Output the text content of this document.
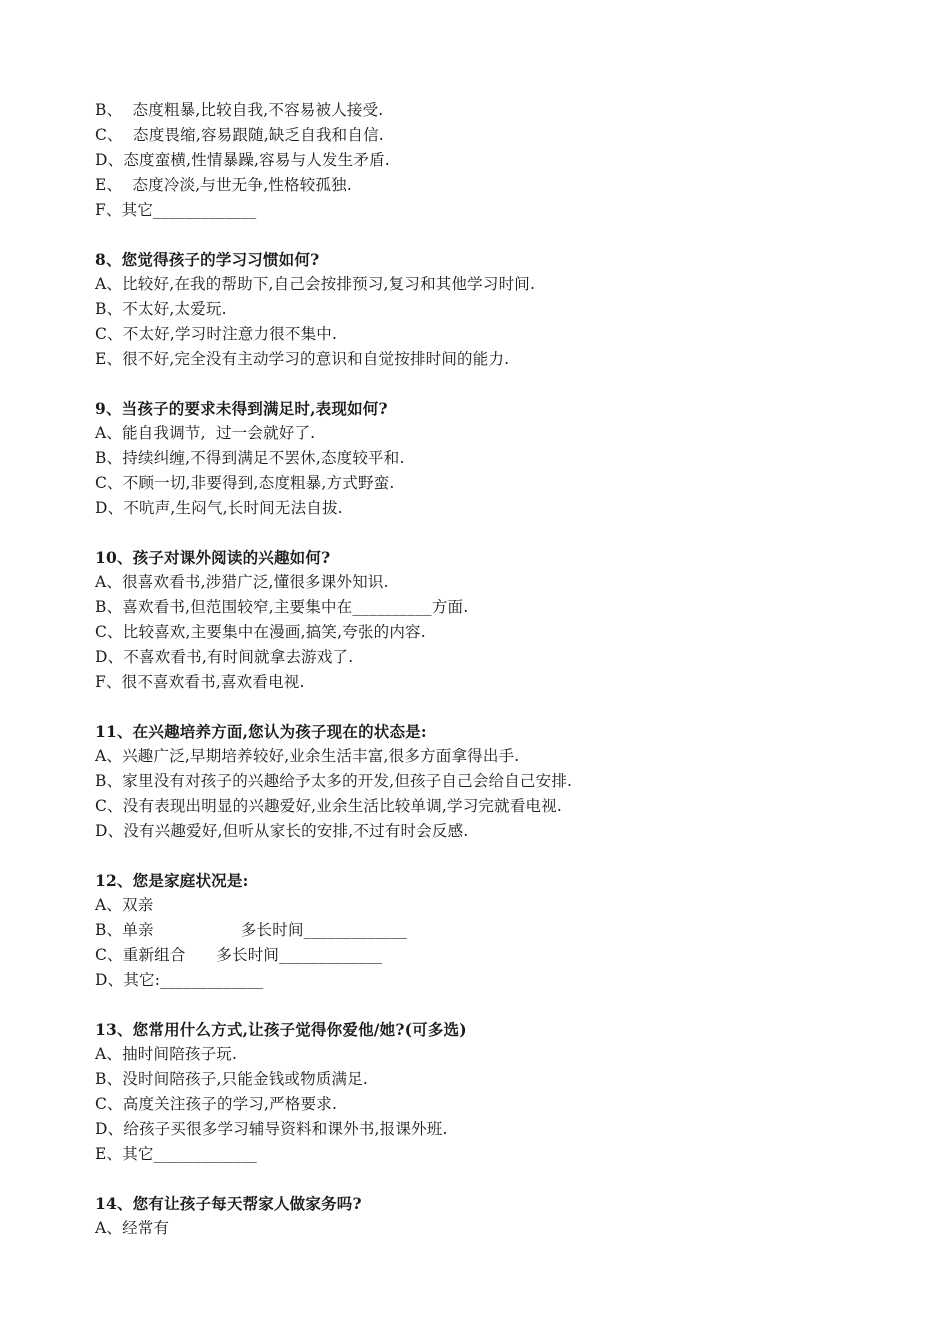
B、  态度粗暴,比较自我,不容易被人接受.
C、  态度畏缩,容易跟随,缺乏自我和自信.
D、态度蛮横,性情暴躁,容易与人发生矛盾.
E、  态度冷淡,与世无争,性格较孤独.
F、其它_____________
8、您觉得孩子的学习习惯如何?
A、比较好,在我的帮助下,自己会按排预习,复习和其他学习时间.
B、不太好,太爱玩.
C、不太好,学习时注意力很不集中.
E、很不好,完全没有主动学习的意识和自觉按排时间的能力.
9、当孩子的要求未得到满足时,表现如何?
A、能自我调节,  过一会就好了.
B、持续纠缠,不得到满足不罢休,态度较平和.
C、不顾一切,非要得到,态度粗暴,方式野蛮.
D、不吭声,生闷气,长时间无法自拔.
10、孩子对课外阅读的兴趣如何?
A、很喜欢看书,涉猎广泛,懂很多课外知识.
B、喜欢看书,但范围较窄,主要集中在__________方面.
C、比较喜欢,主要集中在漫画,搞笑,夸张的内容.
D、不喜欢看书,有时间就拿去游戏了.
F、很不喜欢看书,喜欢看电视.
11、在兴趣培养方面,您认为孩子现在的状态是:
A、兴趣广泛,早期培养较好,业余生活丰富,很多方面拿得出手.
B、家里没有对孩子的兴趣给予太多的开发,但孩子自己会给自己安排.
C、没有表现出明显的兴趣爱好,业余生活比较单调,学习完就看电视.
D、没有兴趣爱好,但听从家长的安排,不过有时会反感.
12、您是家庭状况是:
A、双亲
B、单亲                 多长时间_____________
C、重新组合      多长时间_____________
D、其它:_____________
13、您常用什么方式,让孩子觉得你爱他/她?(可多选)
A、抽时间陪孩子玩.
B、没时间陪孩子,只能金钱或物质满足.
C、高度关注孩子的学习,严格要求.
D、给孩子买很多学习辅导资料和课外书,报课外班.
E、其它_____________
14、您有让孩子每天帮家人做家务吗?
A、经常有
